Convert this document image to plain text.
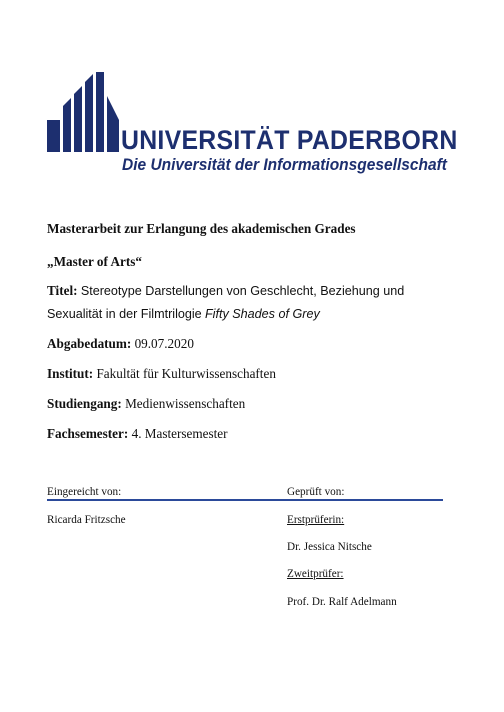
UNIVERSITÄT PADERBORN

Die Universität der Informationsgesellschaft

Masterarbeit zur Erlangung des akademischen Grades
„Master of Arts“
Titel: Stereotype Darstellungen von Geschlecht, Beziehung und
Sexualität in der Filmtrilogie Fifty Shades of Grey
Abgabedatum: 09.07.2020
Institut: Fakultät für Kulturwissenschaften
Studiengang: Medienwissenschaften
Fachsemester: 4. Mastersemester
Eingereicht von:	Geprüft von:
Ricarda Fritzsche	Erstprüferin:
Dr. Jessica Nitsche
Zweitprüfer:
Prof. Dr. Ralf Adelmann
